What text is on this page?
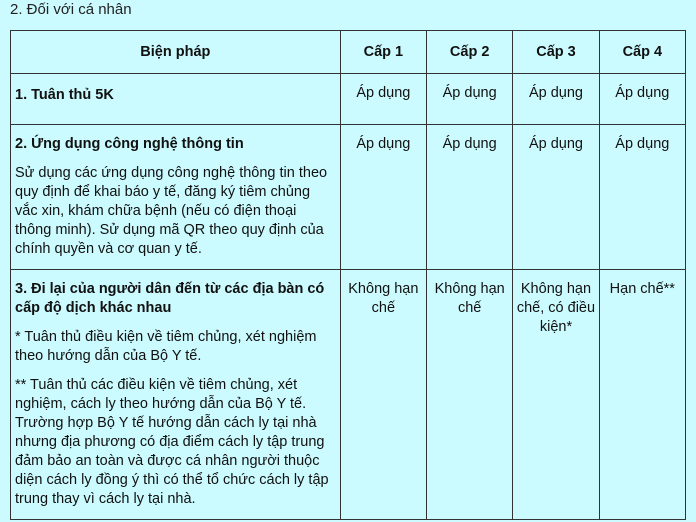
2. Đối với cá nhân
Biện pháp	Cấp 1	Cấp 2	Cấp 3	Cấp 4

1. Tuân thủ 5K	Áp dụng	Áp dụng	Áp dụng	Áp dụng

2. Ứng dụng công nghệ thông tin
Sử dụng các ứng dụng công nghệ thông tin theo quy định để khai báo y tế, đăng ký tiêm chủng vắc xin, khám chữa bệnh (nếu có điện thoại thông minh). Sử dụng mã QR theo quy định của chính quyền và cơ quan y tế.	Áp dụng	Áp dụng	Áp dụng	Áp dụng

3. Đi lại của người dân đến từ các địa bàn có cấp độ dịch khác nhau
* Tuân thủ điều kiện về tiêm chủng, xét nghiệm theo hướng dẫn của Bộ Y tế.
** Tuân thủ các điều kiện về tiêm chủng, xét nghiệm, cách ly theo hướng dẫn của Bộ Y tế. Trường hợp Bộ Y tế hướng dẫn cách ly tại nhà nhưng địa phương có địa điểm cách ly tập trung đảm bảo an toàn và được cá nhân người thuộc diện cách ly đồng ý thì có thể tổ chức cách ly tập trung thay vì cách ly tại nhà.	Không hạn chế	Không hạn chế	Không hạn chế, có điều kiện*	Hạn chế**
